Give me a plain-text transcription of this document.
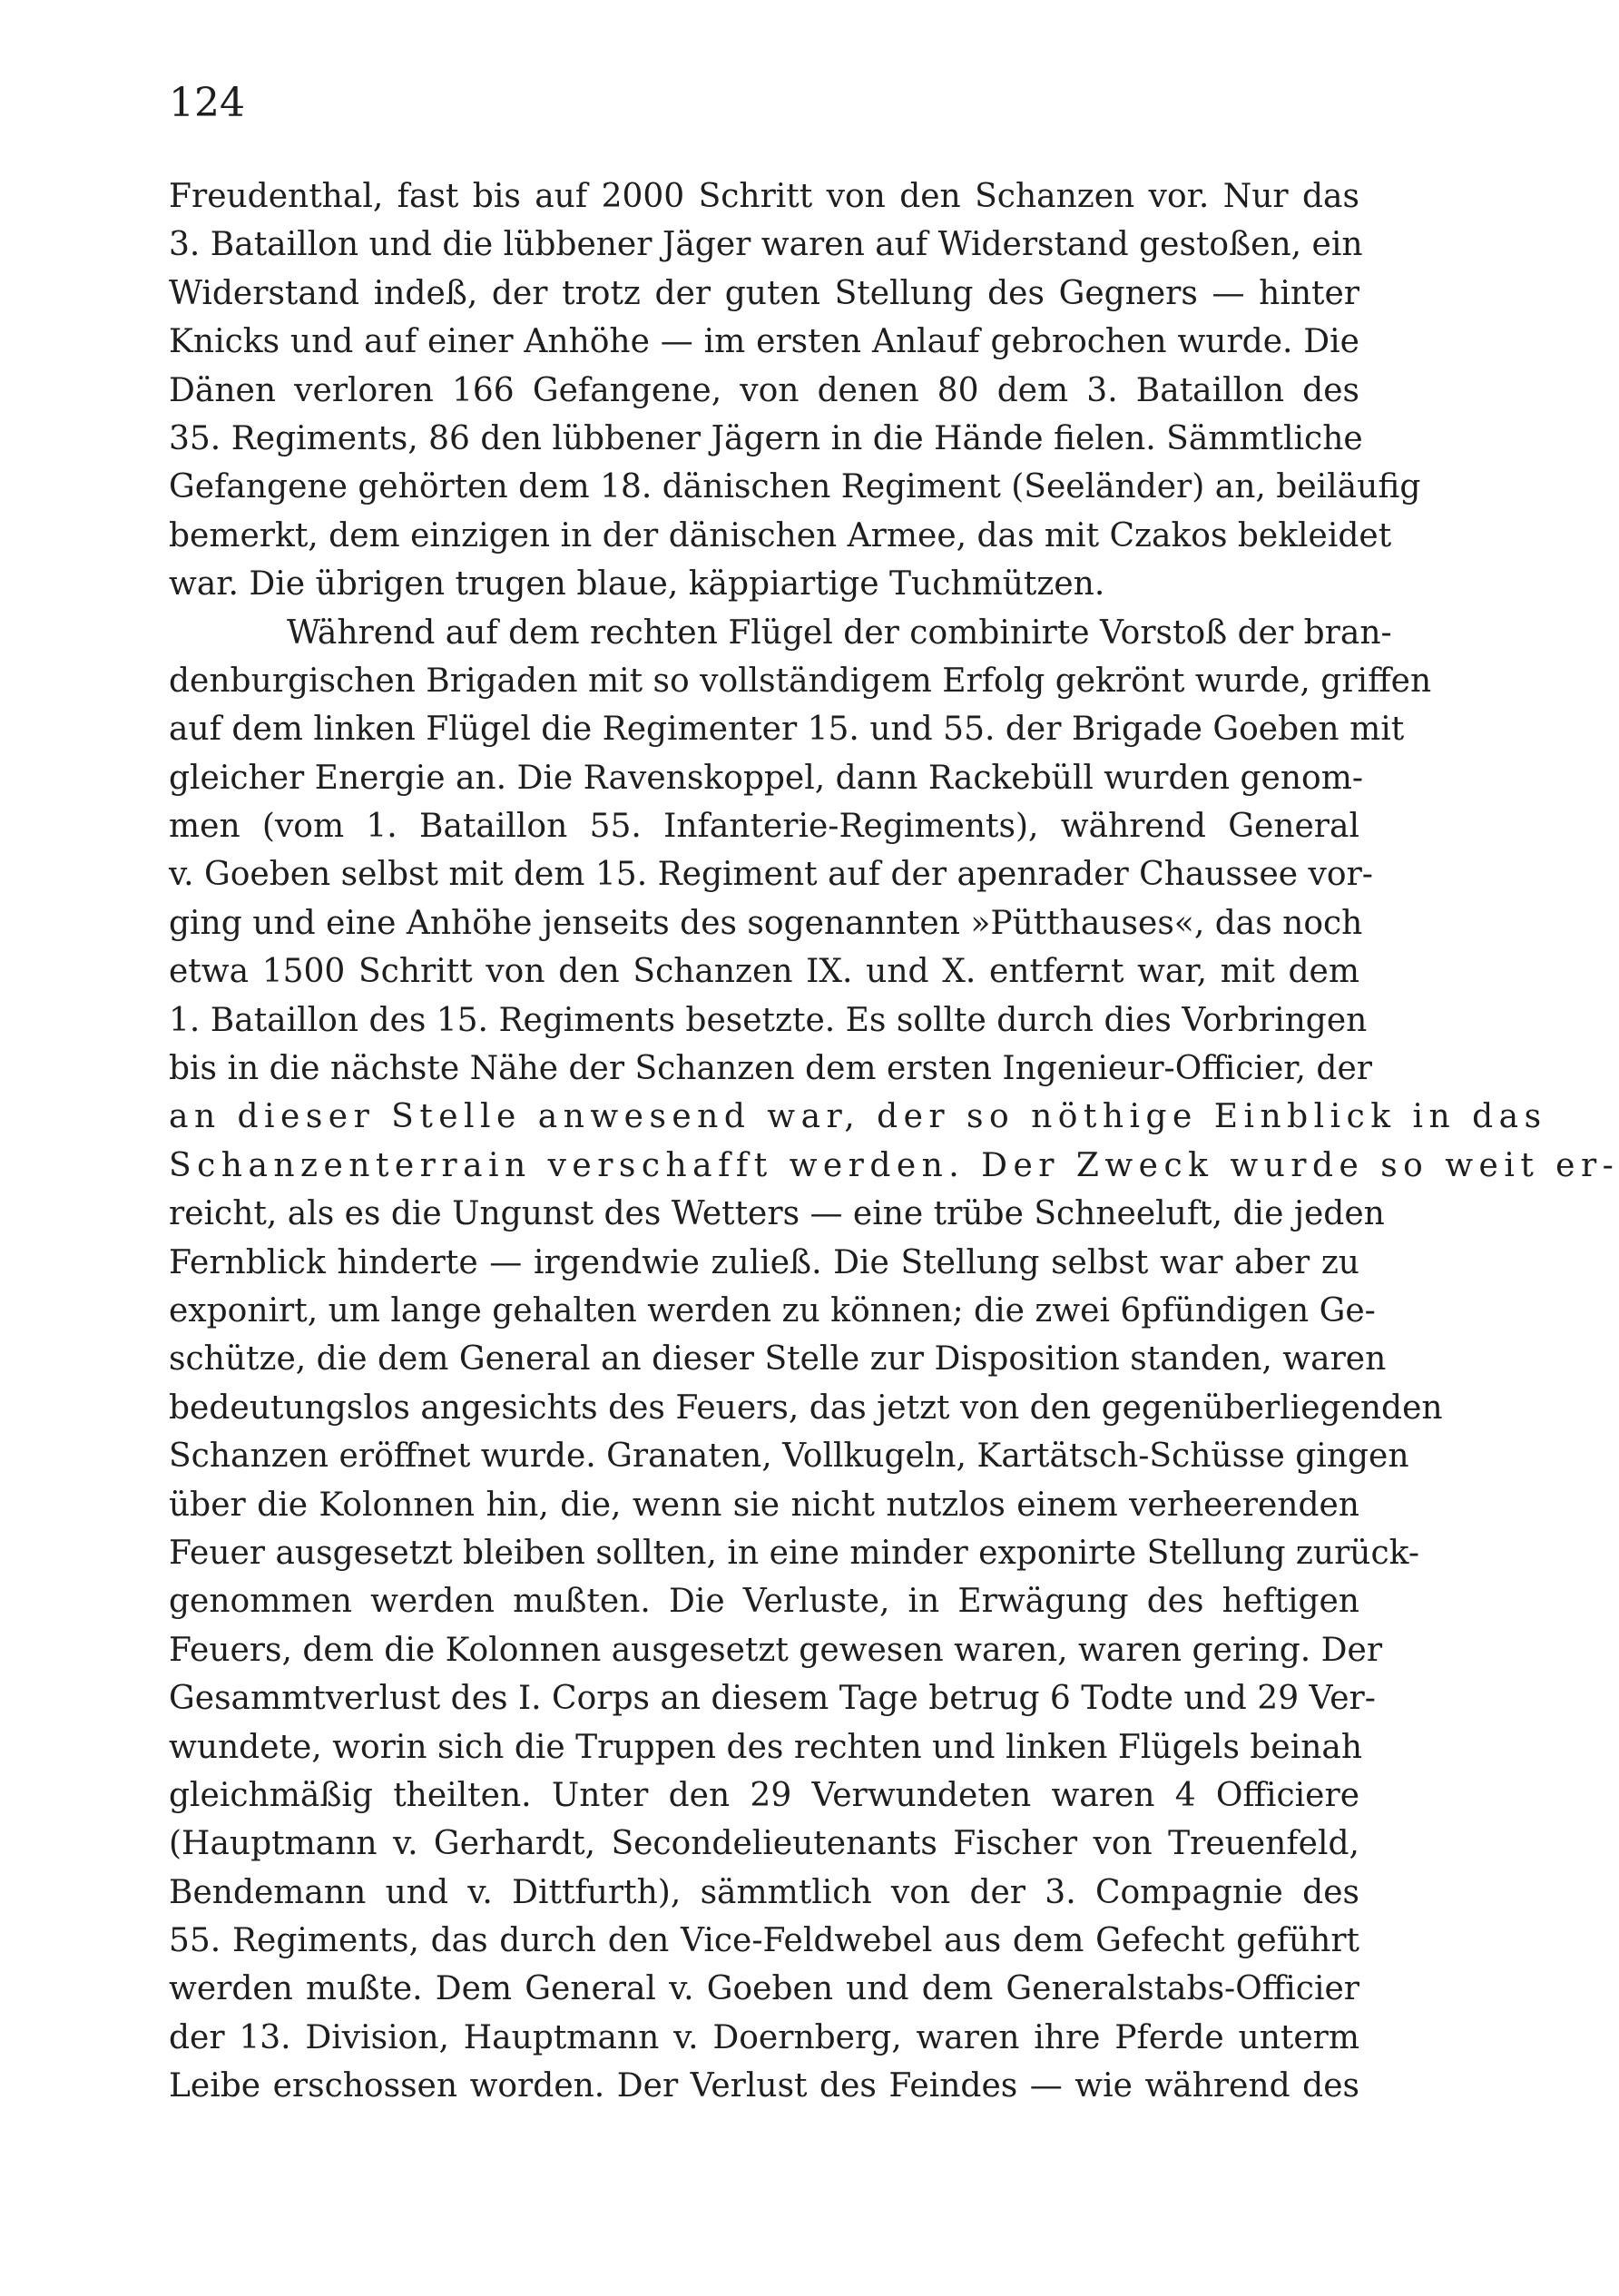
124
Freudenthal, fast bis auf 2000 Schritt von den Schanzen vor. Nur das
3. Bataillon und die lübbener Jäger waren auf Widerstand gestoßen, ein
Widerstand indeß, der trotz der guten Stellung des Gegners — hinter
Knicks und auf einer Anhöhe — im ersten Anlauf gebrochen wurde. Die
Dänen verloren 166 Gefangene, von denen 80 dem 3. Bataillon des
35. Regiments, 86 den lübbener Jägern in die Hände fielen. Sämmtliche
Gefangene gehörten dem 18. dänischen Regiment (Seeländer) an, beiläufig
bemerkt, dem einzigen in der dänischen Armee, das mit Czakos bekleidet
war. Die übrigen trugen blaue, käppiartige Tuchmützen.
Während auf dem rechten Flügel der combinirte Vorstoß der bran-
denburgischen Brigaden mit so vollständigem Erfolg gekrönt wurde, griffen
auf dem linken Flügel die Regimenter 15. und 55. der Brigade Goeben mit
gleicher Energie an. Die Ravenskoppel, dann Rackebüll wurden genom-
men (vom 1. Bataillon 55. Infanterie-Regiments), während General
v. Goeben selbst mit dem 15. Regiment auf der apenrader Chaussee vor-
ging und eine Anhöhe jenseits des sogenannten »Pütthauses«, das noch
etwa 1500 Schritt von den Schanzen IX. und X. entfernt war, mit dem
1. Bataillon des 15. Regiments besetzte. Es sollte durch dies Vorbringen
bis in die nächste Nähe der Schanzen dem ersten Ingenieur-Officier, der
an dieser Stelle anwesend war, der so nöthige Einblick in das
Schanzenterrain verschafft werden. Der Zweck wurde so weit er-
reicht, als es die Ungunst des Wetters — eine trübe Schneeluft, die jeden
Fernblick hinderte — irgendwie zuließ. Die Stellung selbst war aber zu
exponirt, um lange gehalten werden zu können; die zwei 6pfündigen Ge-
schütze, die dem General an dieser Stelle zur Disposition standen, waren
bedeutungslos angesichts des Feuers, das jetzt von den gegenüberliegenden
Schanzen eröffnet wurde. Granaten, Vollkugeln, Kartätsch-Schüsse gingen
über die Kolonnen hin, die, wenn sie nicht nutzlos einem verheerenden
Feuer ausgesetzt bleiben sollten, in eine minder exponirte Stellung zurück-
genommen werden mußten. Die Verluste, in Erwägung des heftigen
Feuers, dem die Kolonnen ausgesetzt gewesen waren, waren gering. Der
Gesammtverlust des I. Corps an diesem Tage betrug 6 Todte und 29 Ver-
wundete, worin sich die Truppen des rechten und linken Flügels beinah
gleichmäßig theilten. Unter den 29 Verwundeten waren 4 Officiere
(Hauptmann v. Gerhardt, Secondelieutenants Fischer von Treuenfeld,
Bendemann und v. Dittfurth), sämmtlich von der 3. Compagnie des
55. Regiments, das durch den Vice-Feldwebel aus dem Gefecht geführt
werden mußte. Dem General v. Goeben und dem Generalstabs-Officier
der 13. Division, Hauptmann v. Doernberg, waren ihre Pferde unterm
Leibe erschossen worden. Der Verlust des Feindes — wie während des
